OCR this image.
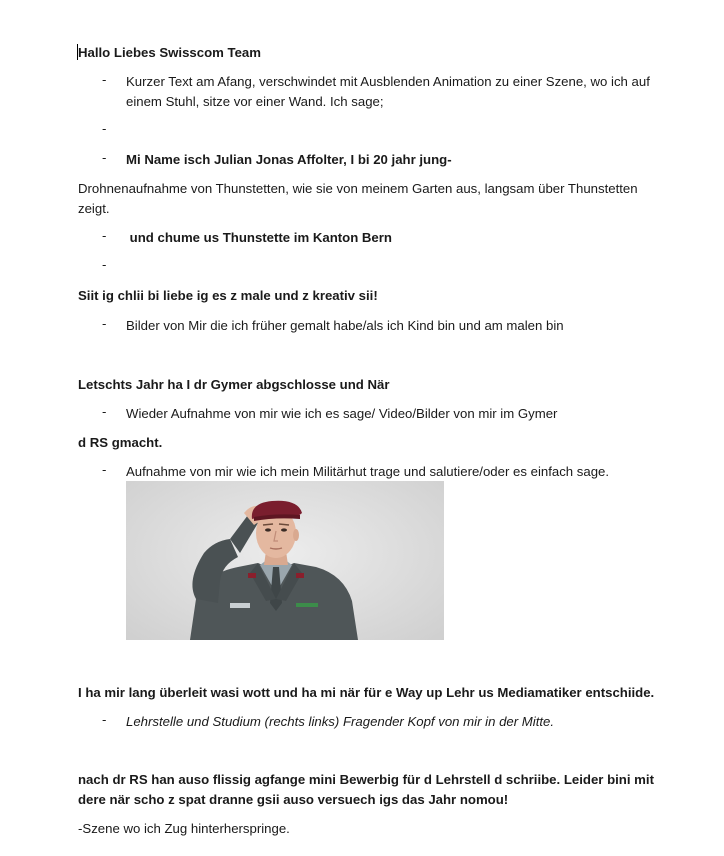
Hallo Liebes Swisscom Team

- Kurzer Text am Afang, verschwindet mit Ausblenden Animation zu einer Szene, wo ich auf einem Stuhl, sitze vor einer Wand. Ich sage;
-
- Mi Name isch Julian Jonas Affolter, I bi 20 jahr jung-

Drohnenaufnahme von Thunstetten, wie sie von meinem Garten aus, langsam über Thunstetten zeigt.

- und chume us Thunstette im Kanton Bern
-

Siit ig chlii bi liebe ig es z male und z kreativ sii!

- Bilder von Mir die ich früher gemalt habe/als ich Kind bin und am malen bin

Letschts Jahr ha I dr Gymer abgschlosse und När

- Wieder Aufnahme von mir wie ich es sage/ Video/Bilder von mir im Gymer

d RS gmacht.

- Aufnahme von mir wie ich mein Militärhut trage und salutiere/oder es einfach sage.

I ha mir lang überleit wasi wott und ha mi när für e Way up Lehr us Mediamatiker entschiide.

- Lehrstelle und Studium (rechts links) Fragender Kopf von mir in der Mitte.

nach dr RS han auso flissig agfange mini Bewerbig für d Lehrstell d schriibe. Leider bini mit dere när scho z spat dranne gsii auso versuech igs das Jahr nomou!

-Szene wo ich Zug hinterherspringe.
